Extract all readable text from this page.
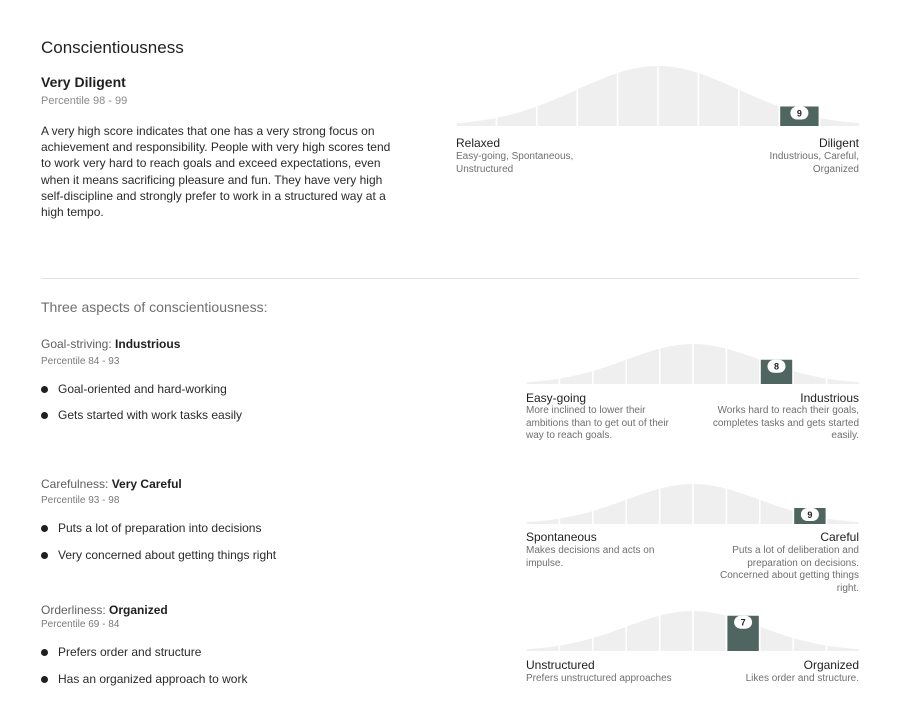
Conscientiousness
Very Diligent
Percentile 98 - 99
A very high score indicates that one has a very strong focus on achievement and responsibility. People with very high scores tend to work very hard to reach goals and exceed expectations, even when it means sacrificing pleasure and fun. They have very high self-discipline and strongly prefer to work in a structured way at a high tempo.
9
Relaxed
Easy-going, Spontaneous, Unstructured
Diligent
Industrious, Careful, Organized
Three aspects of conscientiousness:
Goal-striving: Industrious
Percentile 84 - 93
Goal-oriented and hard-working
Gets started with work tasks easily
8
Easy-going
More inclined to lower their ambitions than to get out of their way to reach goals.
Industrious
Works hard to reach their goals, completes tasks and gets started easily.
Carefulness: Very Careful
Percentile 93 - 98
Puts a lot of preparation into decisions
Very concerned about getting things right
9
Spontaneous
Makes decisions and acts on impulse.
Careful
Puts a lot of deliberation and preparation on decisions. Concerned about getting things right.
Orderliness: Organized
Percentile 69 - 84
Prefers order and structure
Has an organized approach to work
7
Unstructured
Prefers unstructured approaches
Organized
Likes order and structure.
